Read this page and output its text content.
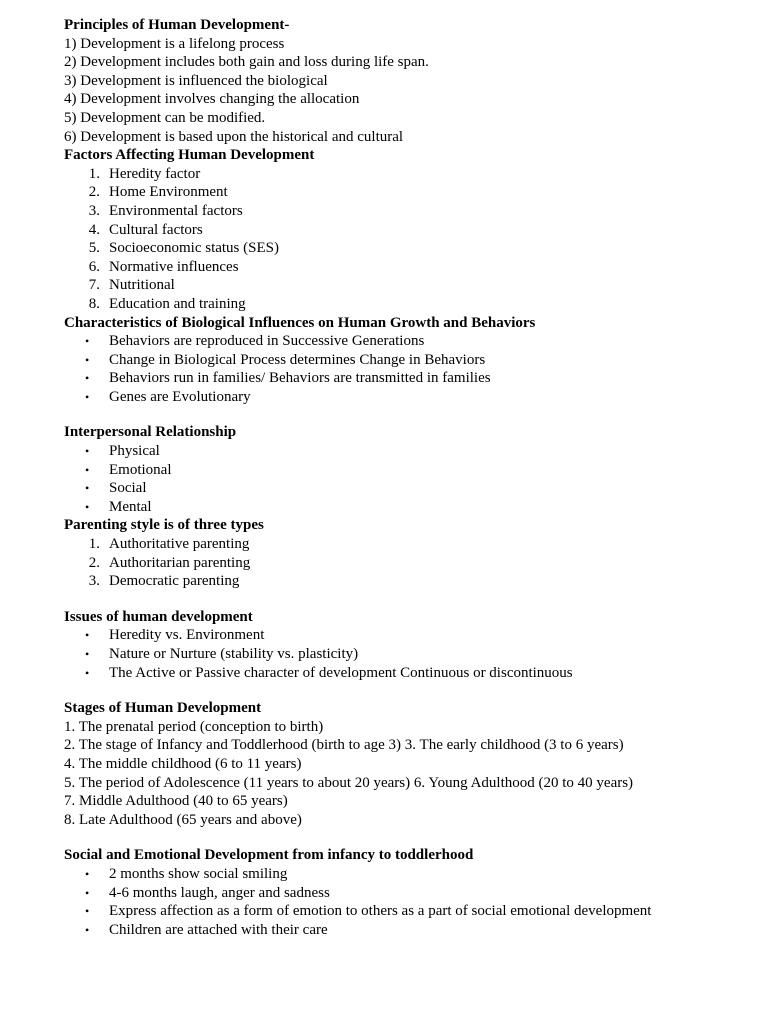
Principles of Human Development-
1) Development is a lifelong process
2) Development includes both gain and loss during life span.
3) Development is influenced the biological
4) Development involves changing the allocation
5) Development can be modified.
6) Development is based upon the historical and cultural
Factors Affecting Human Development
1. Heredity factor
2. Home Environment
3. Environmental factors
4. Cultural factors
5. Socioeconomic status (SES)
6. Normative influences
7. Nutritional
8. Education and training
Characteristics of Biological Influences on Human Growth and Behaviors
• Behaviors are reproduced in Successive Generations
• Change in Biological Process determines Change in Behaviors
• Behaviors run in families/ Behaviors are transmitted in families
• Genes are Evolutionary
Interpersonal Relationship
• Physical
• Emotional
• Social
• Mental
Parenting style is of three types
1. Authoritative parenting
2. Authoritarian parenting
3. Democratic parenting
Issues of human development
• Heredity vs. Environment
• Nature or Nurture (stability vs. plasticity)
• The Active or Passive character of development Continuous or discontinuous
Stages of Human Development
1. The prenatal period (conception to birth)
2. The stage of Infancy and Toddlerhood (birth to age 3) 3. The early childhood (3 to 6 years)
4. The middle childhood (6 to 11 years)
5. The period of Adolescence (11 years to about 20 years) 6. Young Adulthood (20 to 40 years)
7. Middle Adulthood (40 to 65 years)
8. Late Adulthood (65 years and above)
Social and Emotional Development from infancy to toddlerhood
• 2 months show social smiling
• 4-6 months laugh, anger and sadness
• Express affection as a form of emotion to others as a part of social emotional development
• Children are attached with their care
